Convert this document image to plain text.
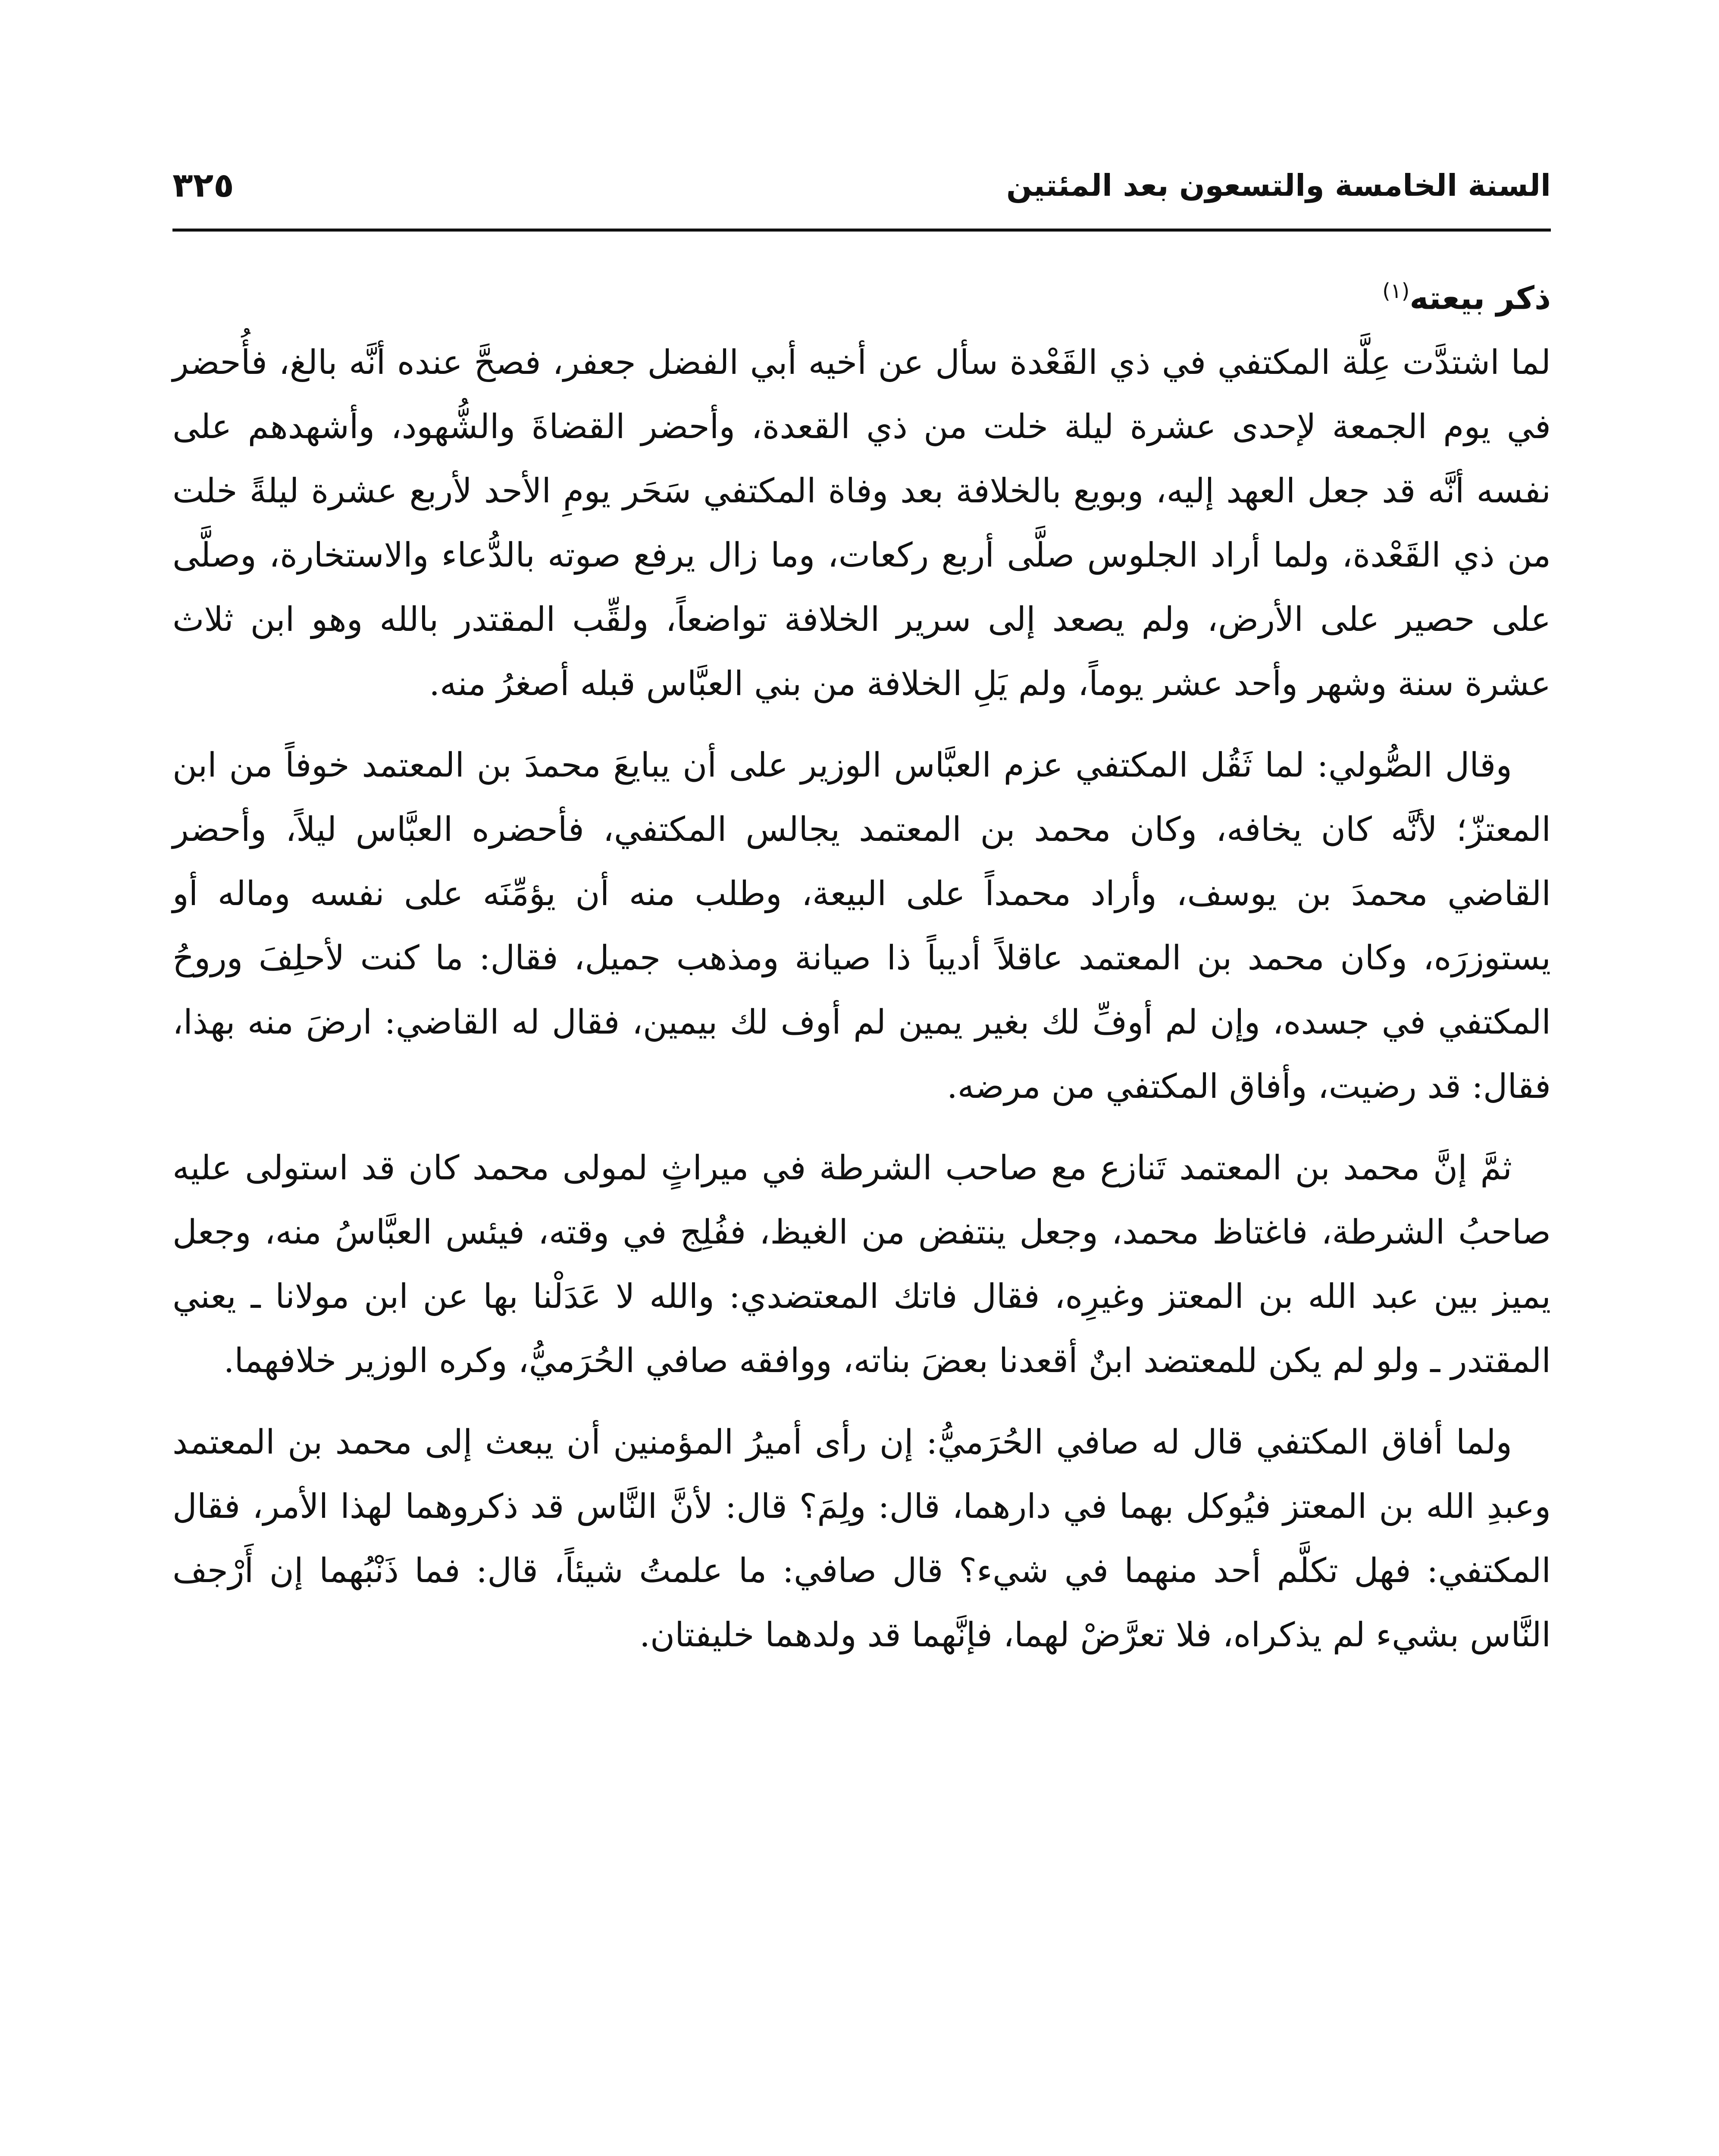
السنة الخامسة والتسعون بعد المئتين
٣٢٥
ذكر بيعته$^{(١)}$

لما اشتدَّت عِلَّة المكتفي في ذي القَعْدة سأل عن أخيه أبي الفضل جعفر، فصحَّ عنده أنَّه بالغ، فأُحضر في يوم الجمعة لإحدى عشرة ليلة خلت من ذي القعدة، وأحضر القضاةَ والشُّهود، وأشهدهم على نفسه أنَّه قد جعل العهد إليه، وبويع بالخلافة بعد وفاة المكتفي سَحَر يومِ الأحد لأربع عشرة ليلةً خلت من ذي القَعْدة، ولما أراد الجلوس صلَّى أربع ركعات، وما زال يرفع صوته بالدُّعاء والاستخارة، وصلَّى على حصير على الأرض، ولم يصعد إلى سرير الخلافة تواضعاً، ولقِّب المقتدر بالله وهو ابن ثلاث عشرة سنة وشهر وأحد عشر يوماً، ولم يَلِ الخلافة من بني العبَّاس قبله أصغرُ منه.

وقال الصُّولي: لما ثَقُل المكتفي عزم العبَّاس الوزير على أن يبايعَ محمدَ بن المعتمد خوفاً من ابن المعتزّ؛ لأنَّه كان يخافه، وكان محمد بن المعتمد يجالس المكتفي، فأحضره العبَّاس ليلاً، وأحضر القاضي محمدَ بن يوسف، وأراد محمداً على البيعة، وطلب منه أن يؤمِّنَه على نفسه وماله أو يستوزرَه، وكان محمد بن المعتمد عاقلاً أديباً ذا صيانة ومذهب جميل، فقال: ما كنت لأحلِفَ وروحُ المكتفي في جسده، وإن لم أوفِّ لك بغير يمين لم أوف لك بيمين، فقال له القاضي: ارضَ منه بهذا، فقال: قد رضيت، وأفاق المكتفي من مرضه.

ثمَّ إنَّ محمد بن المعتمد تَنازع مع صاحب الشرطة في ميراثٍ لمولى محمد كان قد استولى عليه صاحبُ الشرطة، فاغتاظ محمد، وجعل ينتفض من الغيظ، ففُلِج في وقته، فيئس العبَّاسُ منه، وجعل يميز بين عبد الله بن المعتز وغيرِه، فقال فاتك المعتضدي: والله لا عَدَلْنا بها عن ابن مولانا ـ يعني المقتدر ـ ولو لم يكن للمعتضد ابنٌ أقعدنا بعضَ بناته، ووافقه صافي الحُرَميُّ، وكره الوزير خلافهما.

ولما أفاق المكتفي قال له صافي الحُرَميُّ: إن رأى أميرُ المؤمنين أن يبعث إلى محمد بن المعتمد وعبدِ الله بن المعتز فيُوكل بهما في دارهما، قال: ولِمَ؟ قال: لأنَّ النَّاس قد ذكروهما لهذا الأمر، فقال المكتفي: فهل تكلَّم أحد منهما في شيء؟ قال صافي: ما علمتُ شيئاً، قال: فما ذَنْبُهما إن أَرْجف النَّاس بشيء لم يذكراه، فلا تعرَّضْ لهما، فإنَّهما قد ولدهما خليفتان.
